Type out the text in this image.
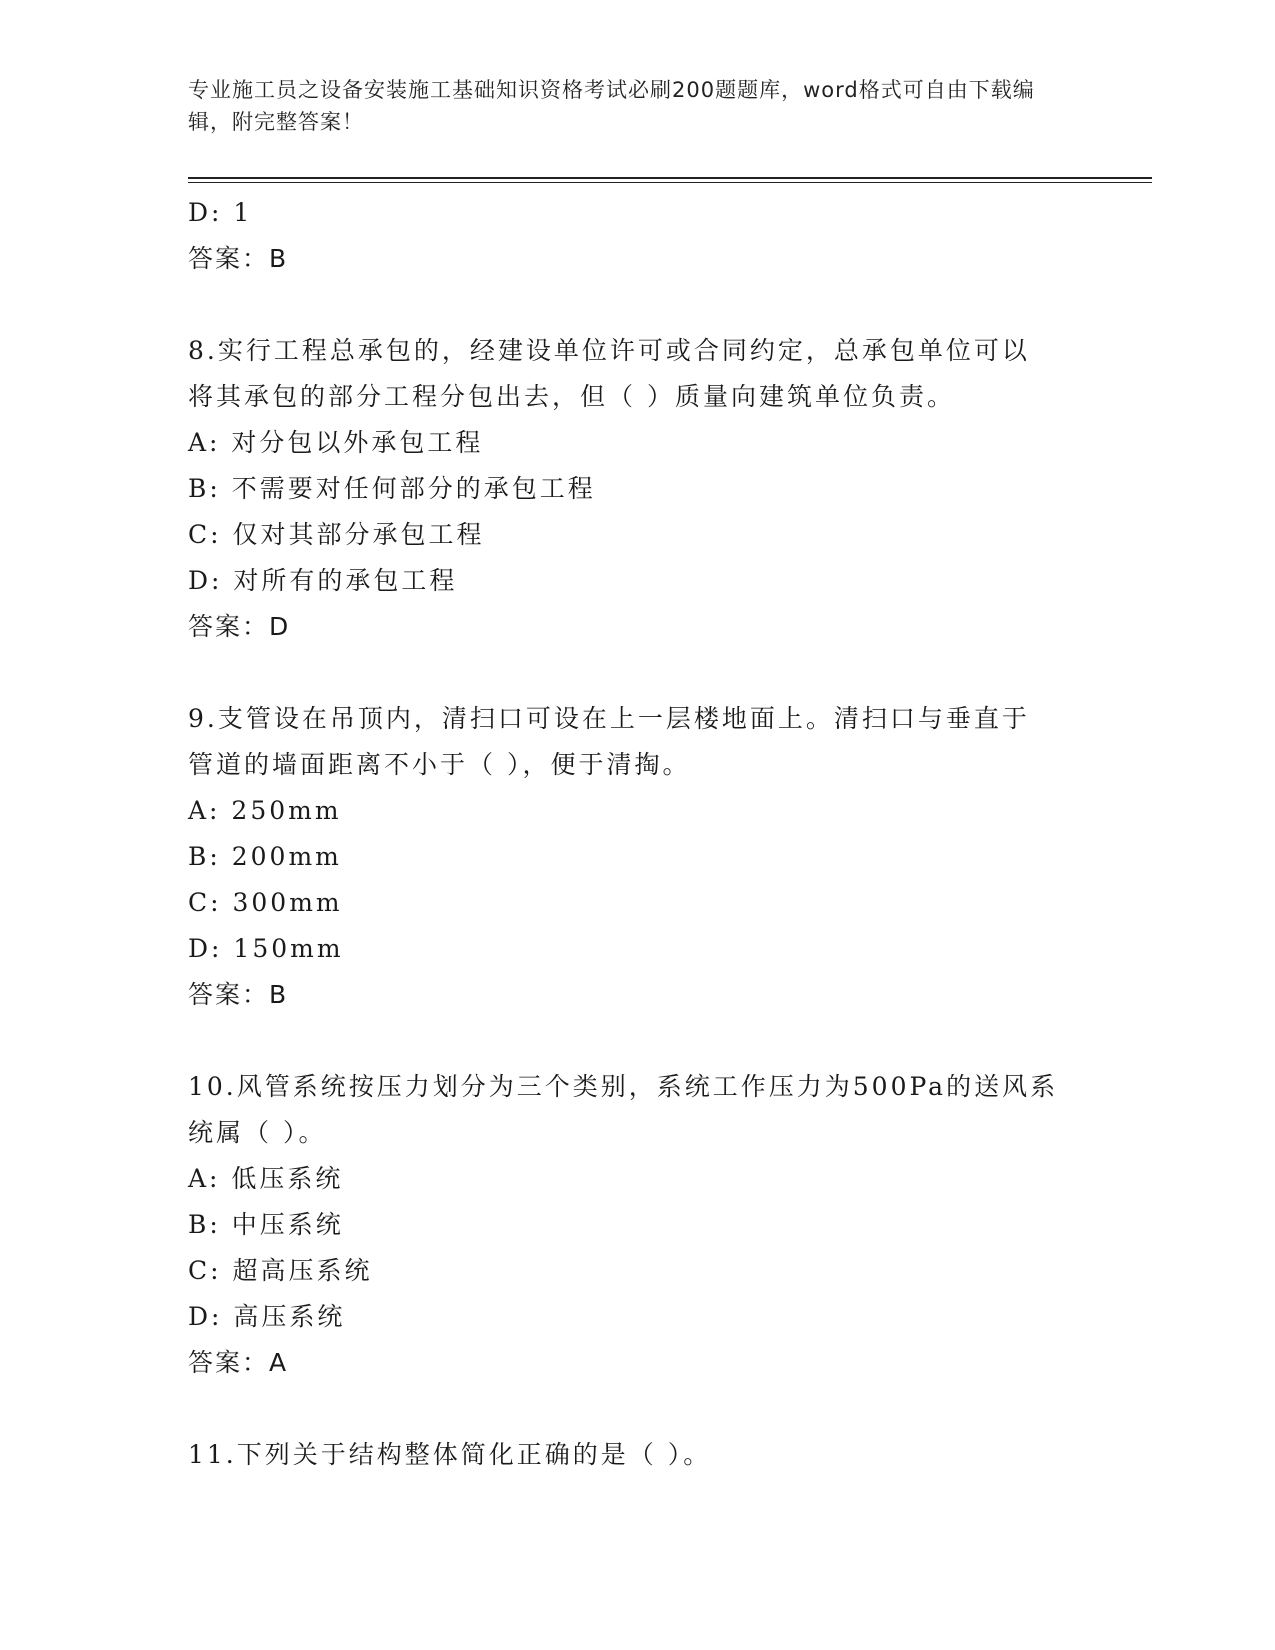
专业施工员之设备安装施工基础知识资格考试必刷200题题库，word格式可自由下载编辑，附完整答案！
D: 1
答案：B
8.实行工程总承包的，经建设单位许可或合同约定，总承包单位可以
将其承包的部分工程分包出去，但（ ）质量向建筑单位负责。
A: 对分包以外承包工程
B: 不需要对任何部分的承包工程
C: 仅对其部分承包工程
D: 对所有的承包工程
答案：D
9.支管设在吊顶内，清扫口可设在上一层楼地面上。清扫口与垂直于
管道的墙面距离不小于（ ），便于清掏。
A: 250mm
B: 200mm
C: 300mm
D: 150mm
答案：B
10.风管系统按压力划分为三个类别，系统工作压力为500Pa的送风系
统属（ ）。
A: 低压系统
B: 中压系统
C: 超高压系统
D: 高压系统
答案：A
11.下列关于结构整体简化正确的是（ ）。
